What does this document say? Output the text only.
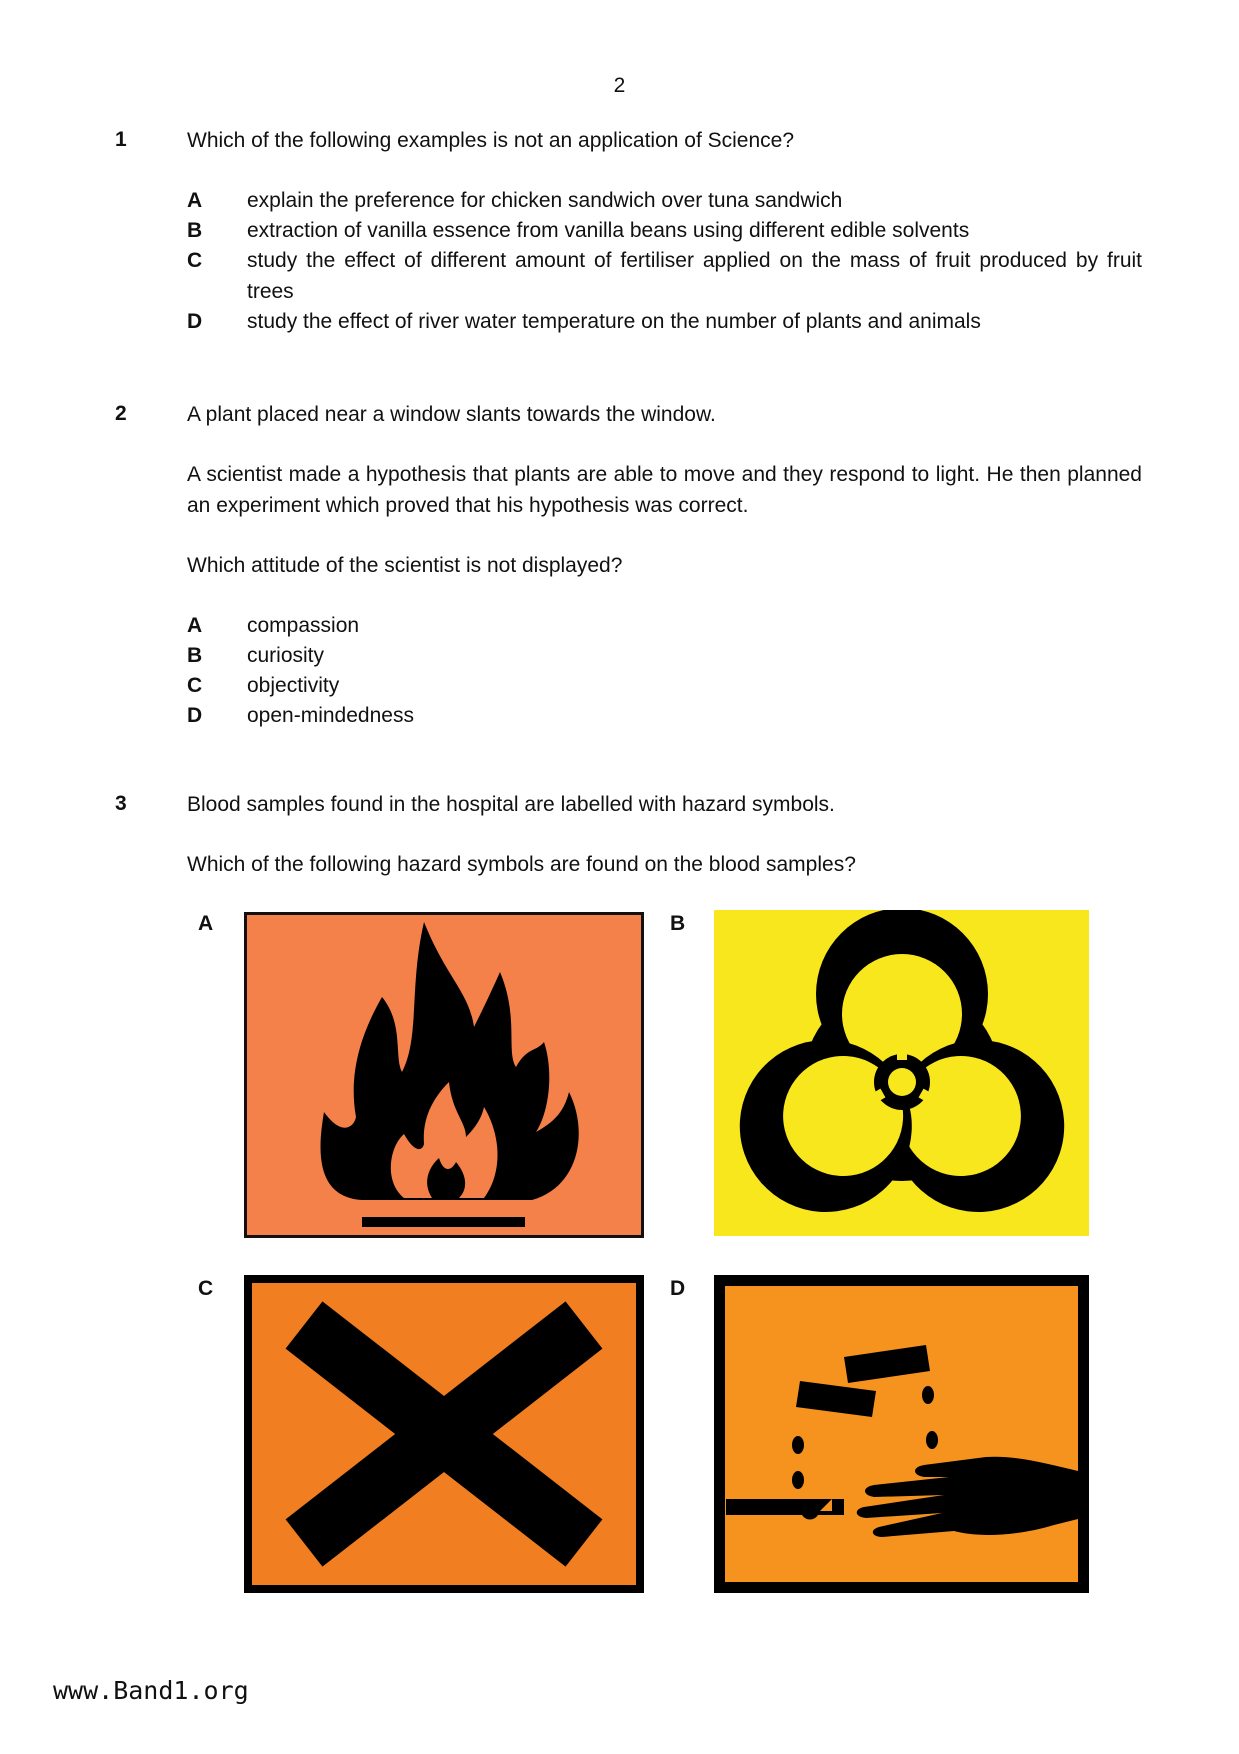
2
1	Which of the following examples is not an application of Science?
A explain the preference for chicken sandwich over tuna sandwich
B extraction of vanilla essence from vanilla beans using different edible solvents
C study the effect of different amount of fertiliser applied on the mass of fruit produced by fruit trees
D study the effect of river water temperature on the number of plants and animals
2	A plant placed near a window slants towards the window.
A scientist made a hypothesis that plants are able to move and they respond to light. He then planned an experiment which proved that his hypothesis was correct.
Which attitude of the scientist is not displayed?
A compassion
B curiosity
C objectivity
D open-mindedness
3	Blood samples found in the hospital are labelled with hazard symbols.
Which of the following hazard symbols are found on the blood samples?
A	B
C	D
www.Band1.org
